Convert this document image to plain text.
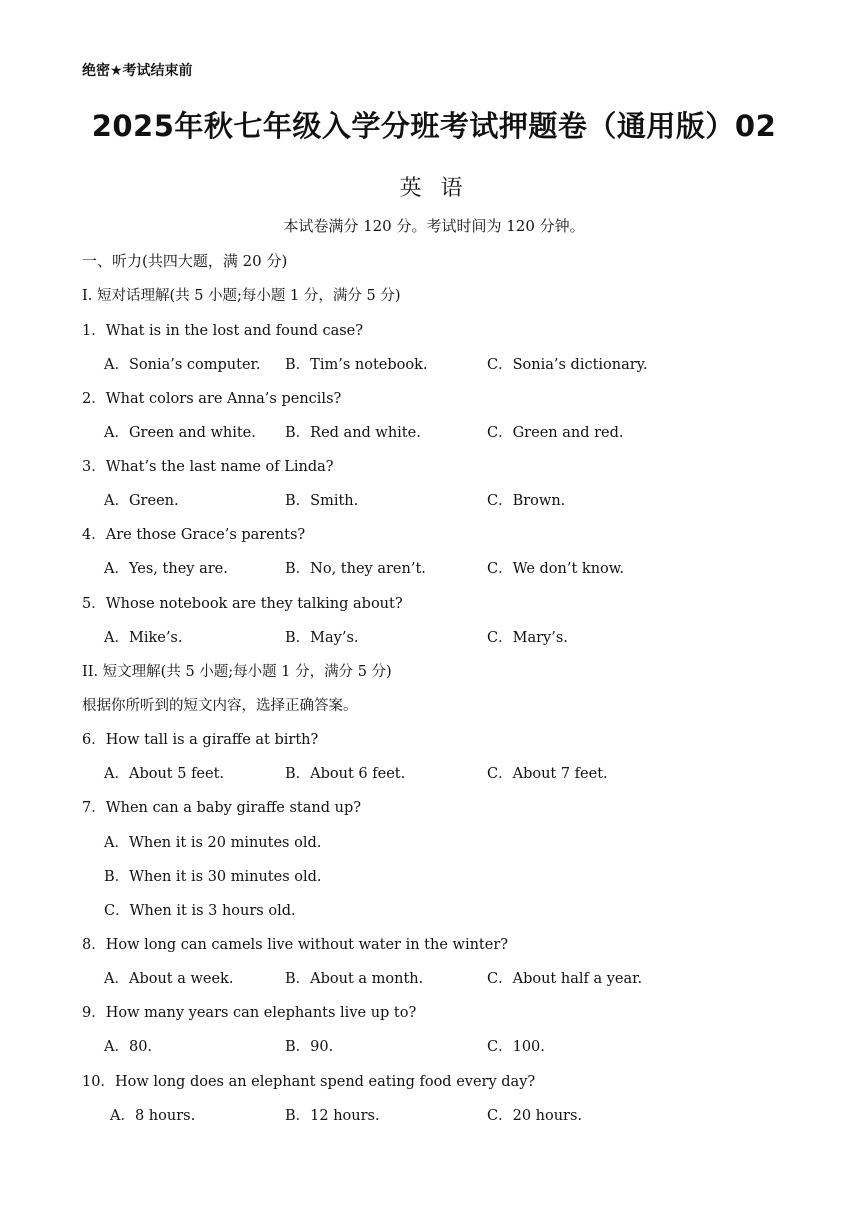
绝密★考试结束前
2025年秋七年级入学分班考试押题卷（通用版）02
英 语
本试卷满分 120 分。考试时间为 120 分钟。
一、听力(共四大题，满 20 分)
I. 短对话理解(共 5 小题;每小题 1 分，满分 5 分)
1．What is in the lost and found case?
A．Sonia’s computer. B．Tim’s notebook.	C．Sonia’s dictionary.
2．What colors are Anna’s pencils?
A．Green and white. B．Red and white.	C．Green and red.
3．What’s the last name of Linda?
A．Green.	B．Smith.	C．Brown.
4．Are those Grace’s parents?
A．Yes, they are.	B．No, they aren’t.	C．We don’t know.
5．Whose notebook are they talking about?
A．Mike’s.	B．May’s.	C．Mary’s.
II. 短文理解(共 5 小题;每小题 1 分，满分 5 分)
根据你所听到的短文内容，选择正确答案。
6．How tall is a giraffe at birth?
A．About 5 feet.	B．About 6 feet.	C．About 7 feet.
7．When can a baby giraffe stand up?
A．When it is 20 minutes old.
B．When it is 30 minutes old.
C．When it is 3 hours old.
8．How long can camels live without water in the winter?
A．About a week.	B．About a month.	C．About half a year.
9．How many years can elephants live up to?
A．80.	B．90.	C．100.
10．How long does an elephant spend eating food every day?
A．8 hours.	B．12 hours.	C．20 hours.
